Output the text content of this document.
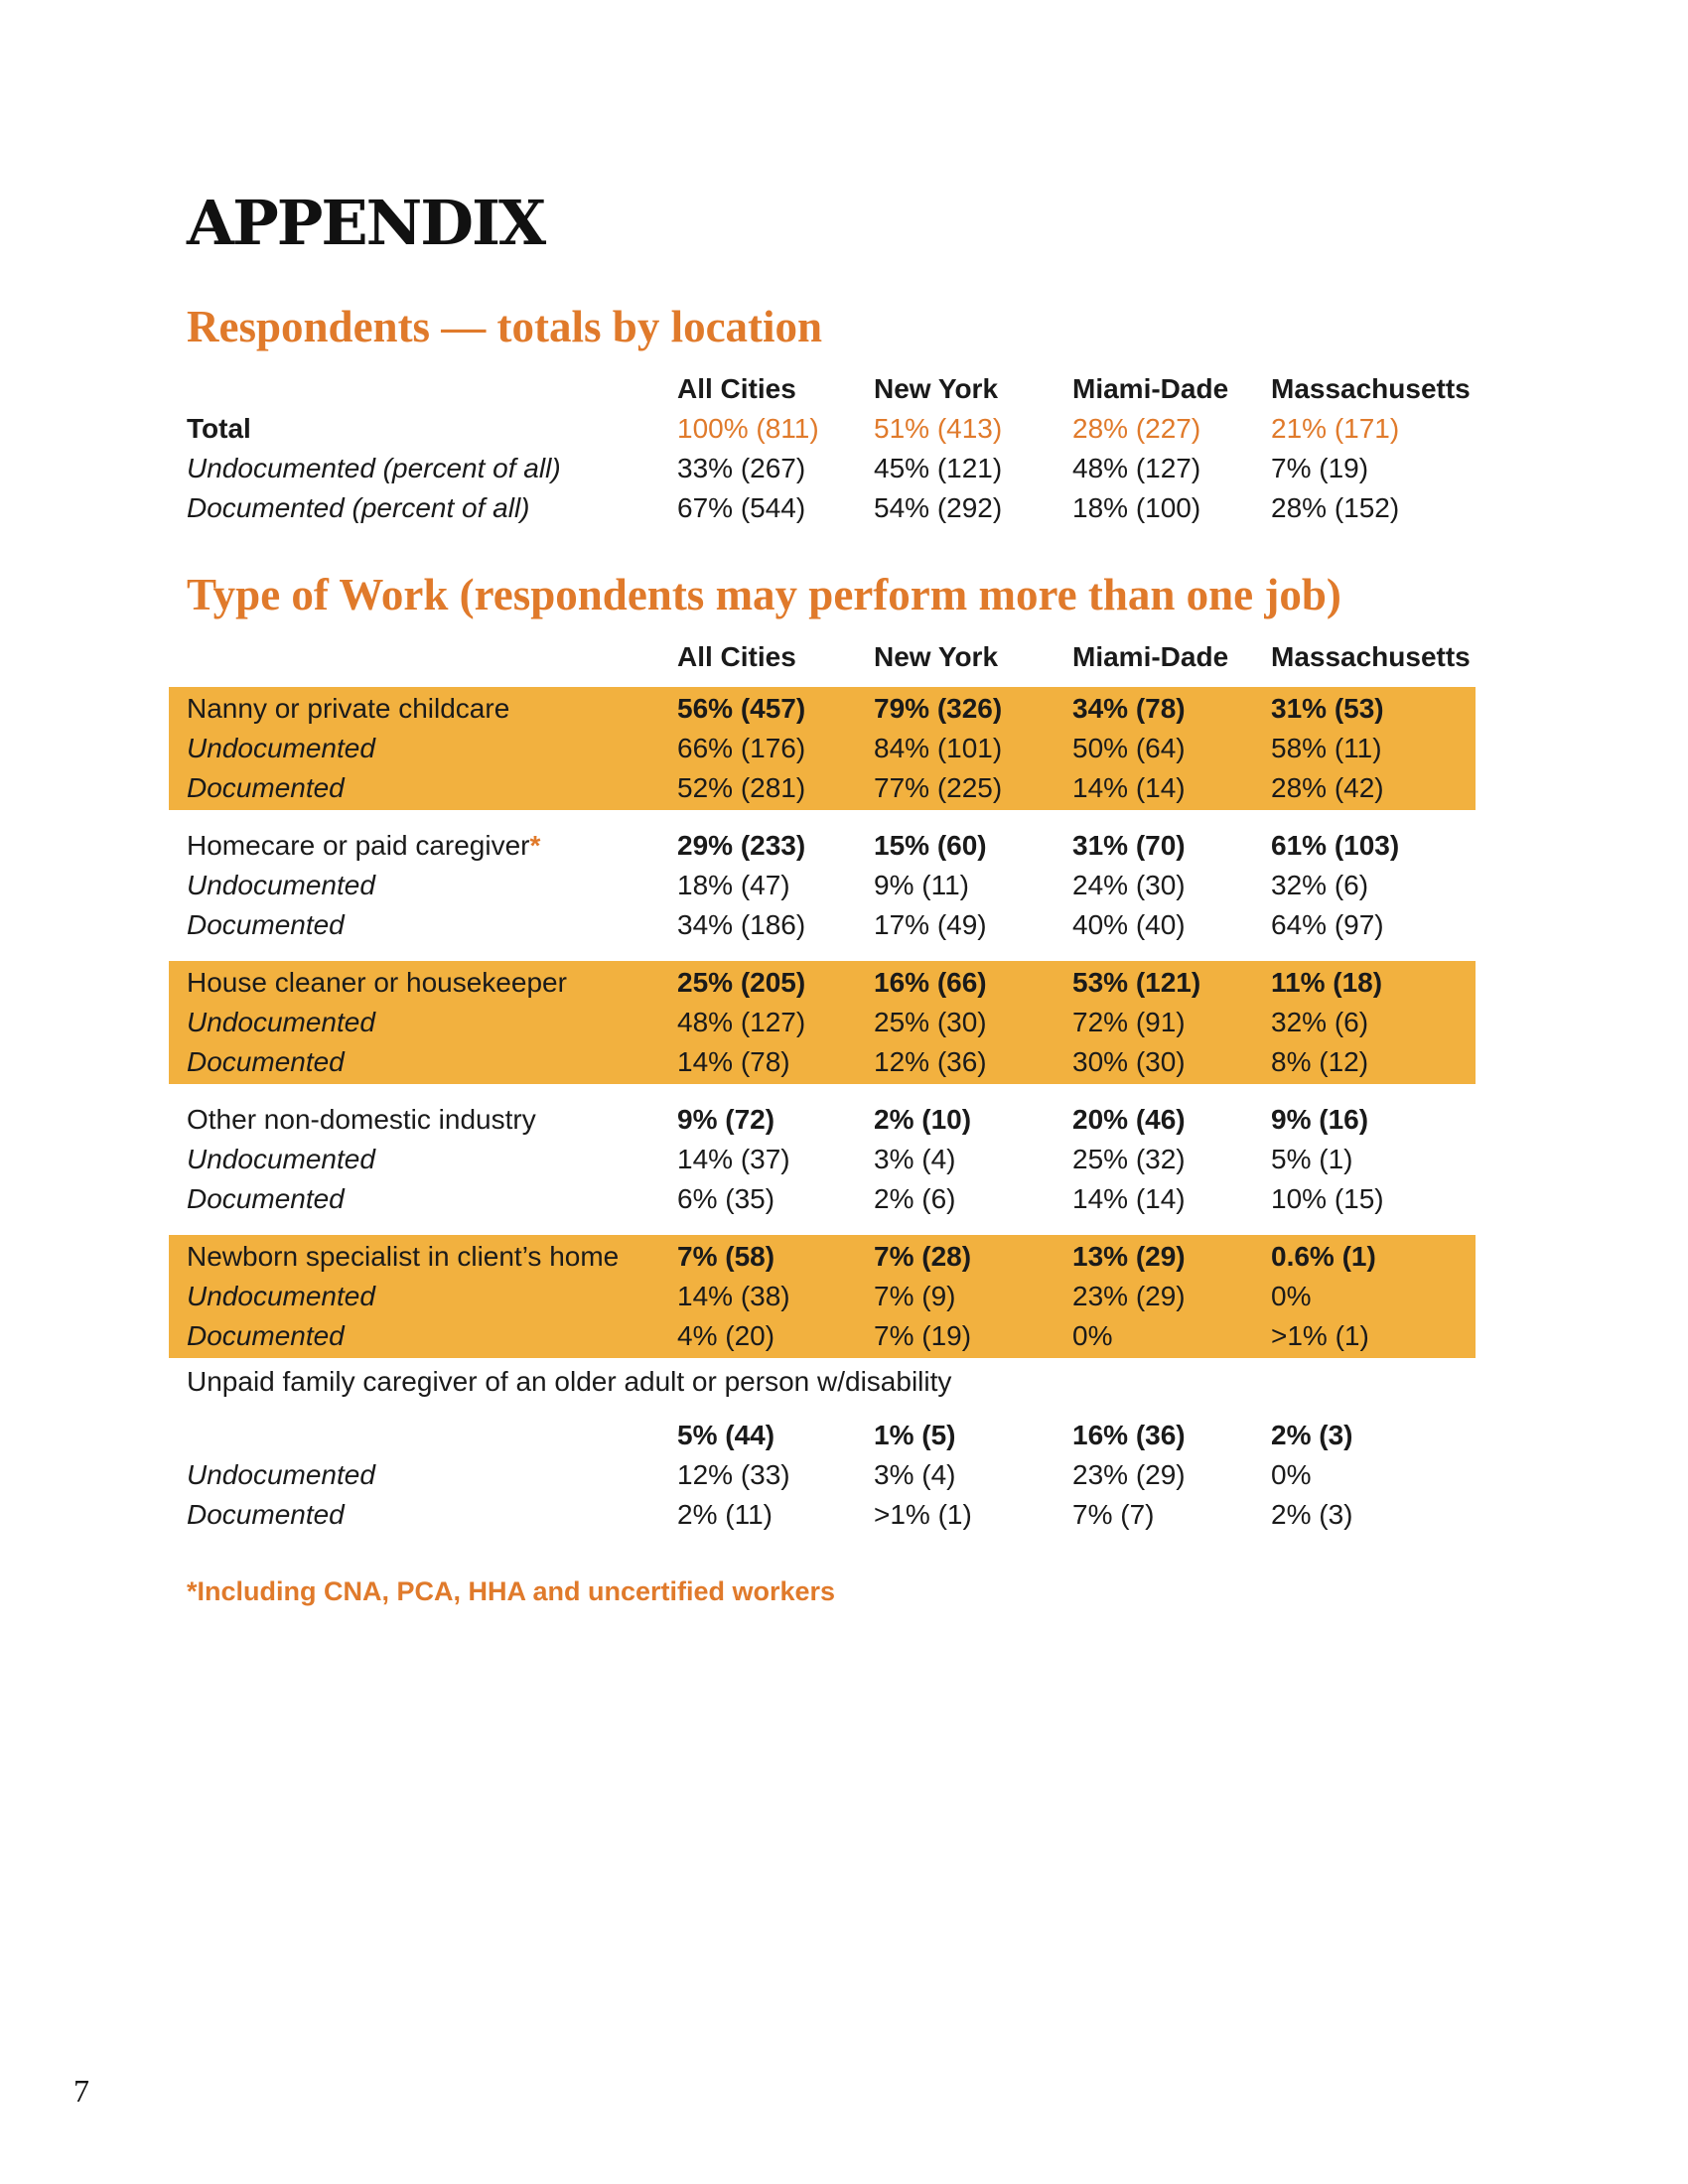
APPENDIX
Respondents — totals by location
All Cities	New York	Miami-Dade Massachusetts
Total	100% (811) 51% (413)	28% (227)	21% (171)
Undocumented (percent of all)	33% (267) 45% (121)	48% (127)	7% (19)
Documented (percent of all)	67% (544) 54% (292)	18% (100)	28% (152)
Type of Work (respondents may perform more than one job)
All Cities	New York	Miami-Dade Massachusetts
Nanny or private childcare	56% (457) 79% (326)	34% (78)	31% (53)
Undocumented	66% (176) 84% (101)	50% (64)	58% (11)
Documented	52% (281) 77% (225)	14% (14)	28% (42)
Homecare or paid caregiver*	29% (233) 15% (60)	31% (70)	61% (103)
Undocumented	18% (47)	9% (11)	24% (30)	32% (6)
Documented	34% (186) 17% (49)	40% (40)	64% (97)
House cleaner or housekeeper	25% (205) 16% (66)	53% (121)	11% (18)
Undocumented	48% (127) 25% (30)	72% (91)	32% (6)
Documented	14% (78)	12% (36)	30% (30)	8% (12)
Other non-domestic industry	9% (72)	2% (10)	20% (46)	9% (16)
Undocumented	14% (37)	3% (4)	25% (32)	5% (1)
Documented	6% (35)	2% (6)	14% (14)	10% (15)
Newborn specialist in client’s home 7% (58)	7% (28)	13% (29)	0.6% (1)
Undocumented	14% (38)	7% (9)	23% (29)	0%
Documented	4% (20)	7% (19)	0%	>1% (1)
Unpaid family caregiver of an older adult or person w/disability
5% (44)	1% (5)	16% (36)	2% (3)
Undocumented	12% (33)	3% (4)	23% (29)	0%
Documented	2% (11)	>1% (1)	7% (7)	2% (3)
*Including CNA, PCA, HHA and uncertified workers
7
